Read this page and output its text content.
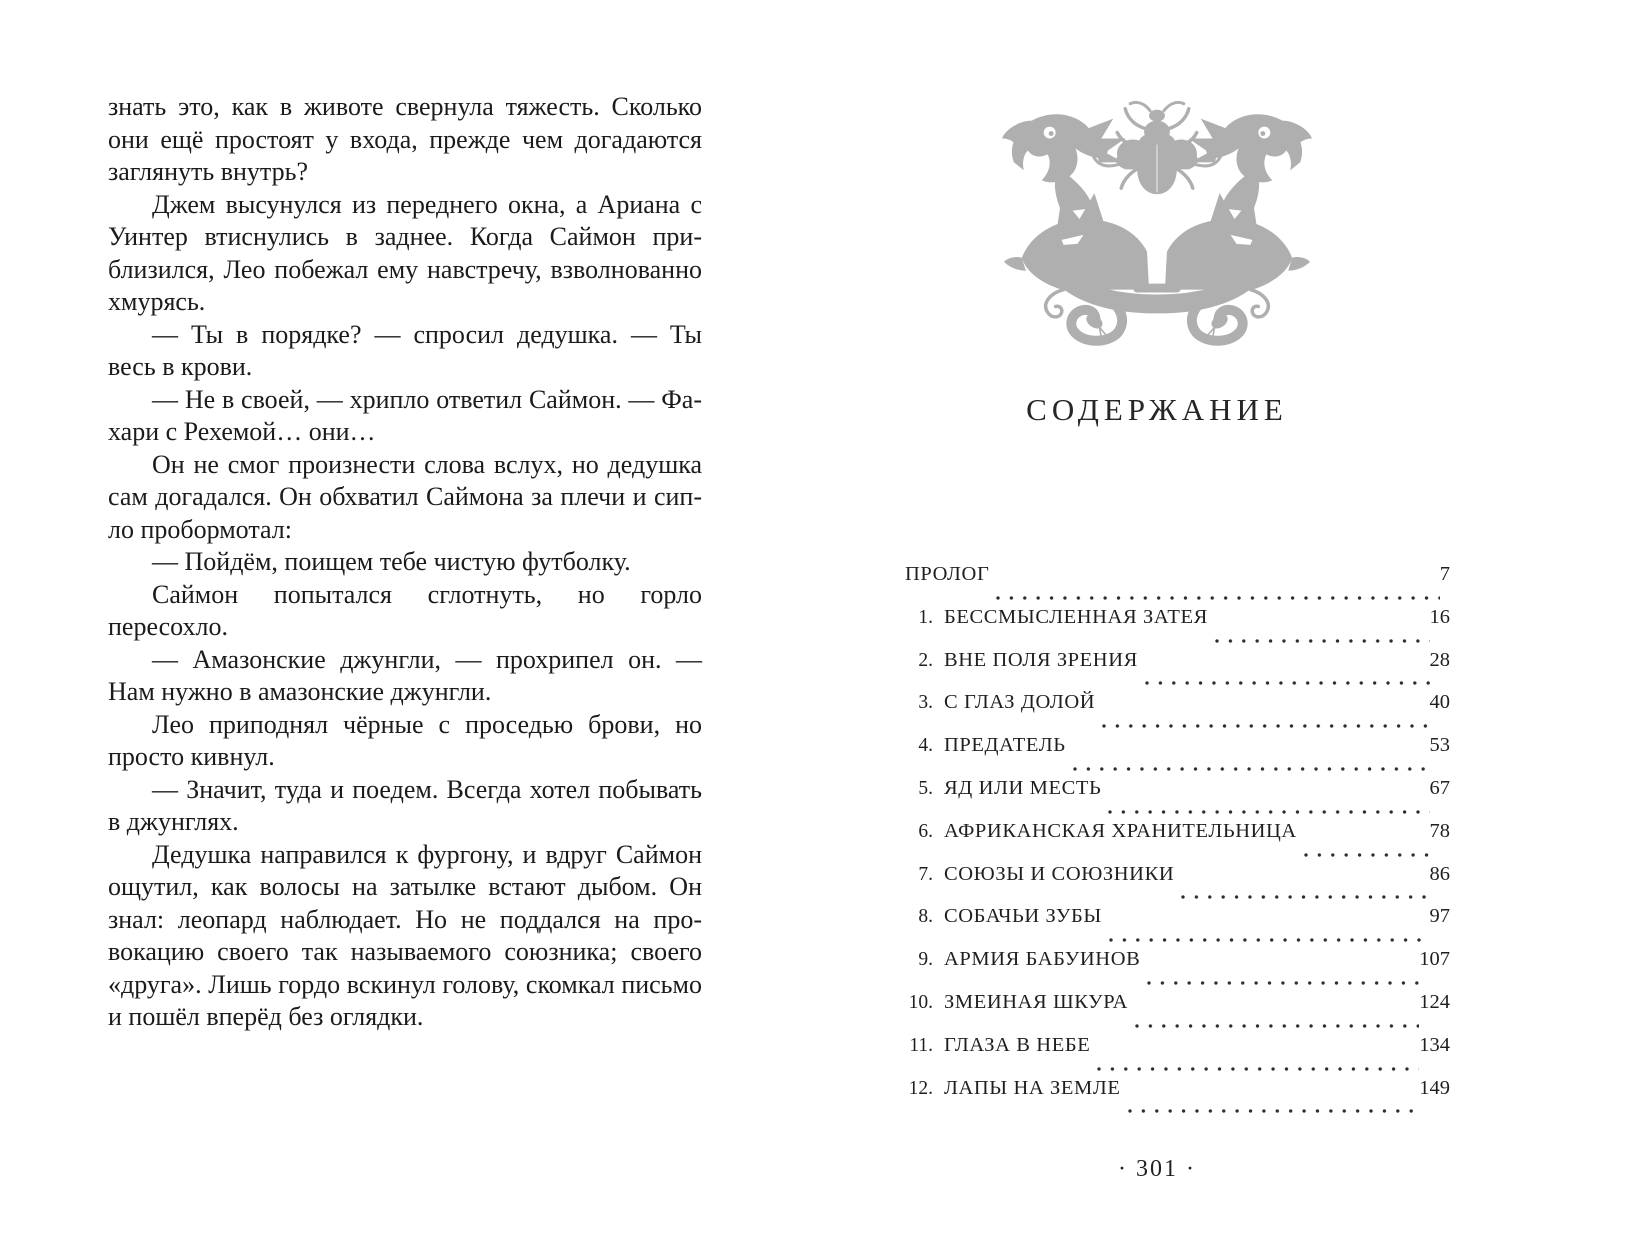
знать это, как в животе свернула тяжесть. Сколько они ещё простоят у входа, прежде чем догадаются заглянуть внутрь?

Джем высунулся из переднего окна, а Ариана с Уинтер втиснулись в заднее. Когда Саймон приблизился, Лео побежал ему навстречу, взволнованно хмурясь.

— Ты в порядке? — спросил дедушка. — Ты весь в крови.

— Не в своей, — хрипло ответил Саймон. — Фахари с Рехемой… они…

Он не смог произнести слова вслух, но дедушка сам догадался. Он обхватил Саймона за плечи и сипло пробормотал:

— Пойдём, поищем тебе чистую футболку.

Саймон попытался сглотнуть, но горло пересохло.

— Амазонские джунгли, — прохрипел он. — Нам нужно в амазонские джунгли.

Лео приподнял чёрные с проседью брови, но просто кивнул.

— Значит, туда и поедем. Всегда хотел побывать в джунглях.

Дедушка направился к фургону, и вдруг Саймон ощутил, как волосы на затылке встают дыбом. Он знал: леопард наблюдает. Но не поддался на провокацию своего так называемого союзника; своего «друга». Лишь гордо вскинул голову, скомкал письмо и пошёл вперёд без оглядки.

СОДЕРЖАНИЕ
ПРОЛОГ	7
1. БЕССМЫСЛЕННАЯ ЗАТЕЯ	16
2. ВНЕ ПОЛЯ ЗРЕНИЯ	28
3. С ГЛАЗ ДОЛОЙ	40
4. ПРЕДАТЕЛЬ	53
5. ЯД ИЛИ МЕСТЬ	67
6. АФРИКАНСКАЯ ХРАНИТЕЛЬНИЦА	78
7. СОЮЗЫ И СОЮЗНИКИ	86
8. СОБАЧЬИ ЗУБЫ	97
9. АРМИЯ БАБУИНОВ	107
10. ЗМЕИНАЯ ШКУРА	124
11. ГЛАЗА В НЕБЕ	134
12. ЛАПЫ НА ЗЕМЛЕ	149
· 301 ·
